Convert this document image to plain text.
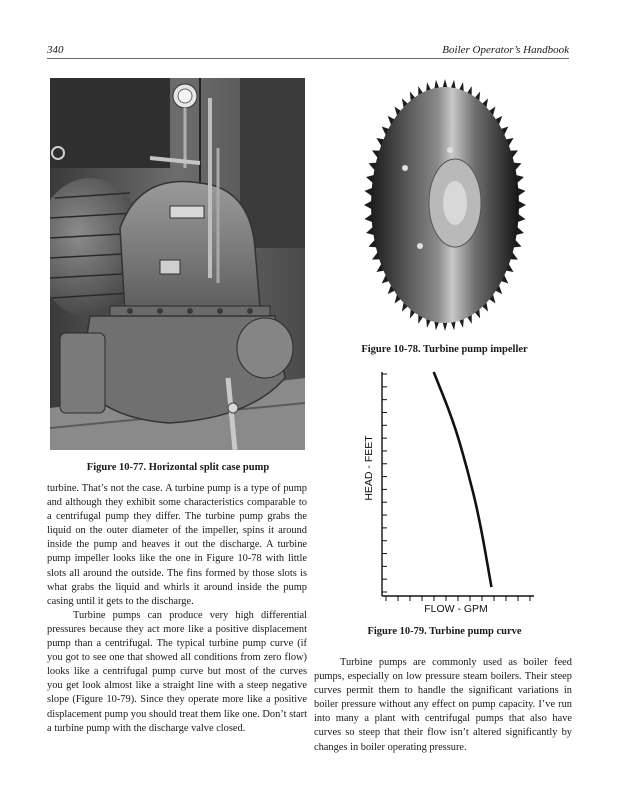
340	Boiler Operator’s Handbook
Figure 10-77. Horizontal split case pump
Figure 10-78. Turbine pump impeller
HEAD - FEET
FLOW - GPM
Figure 10-79. Turbine pump curve

turbine. That’s not the case. A turbine pump is a type of pump and although they exhibit some characteristics comparable to a centrifugal pump they differ. The turbine pump grabs the liquid on the outer diameter of the impeller, spins it around inside the pump and heaves it out the discharge. A turbine pump impeller looks like the one in Figure 10-78 with little slots all around the outside. The fins formed by those slots is what grabs the liquid and whirls it around inside the pump casing until it gets to the discharge.

Turbine pumps can produce very high differential pressures because they act more like a positive displacement pump than a centrifugal. The typical turbine pump curve (if you got to see one that showed all conditions from zero flow) looks like a centrifugal pump curve but most of the curves you get look almost like a straight line with a steep negative slope (Figure 10-79). Since they operate more like a positive displacement pump you should treat them like one. Don’t start a turbine pump with the discharge valve closed.

Turbine pumps are commonly used as boiler feed pumps, especially on low pressure steam boilers. Their steep curves permit them to handle the significant variations in boiler pressure without any effect on pump capacity. I’ve run into many a plant with centrifugal pumps that also have curves so steep that their flow isn’t altered significantly by changes in boiler operating pressure.
